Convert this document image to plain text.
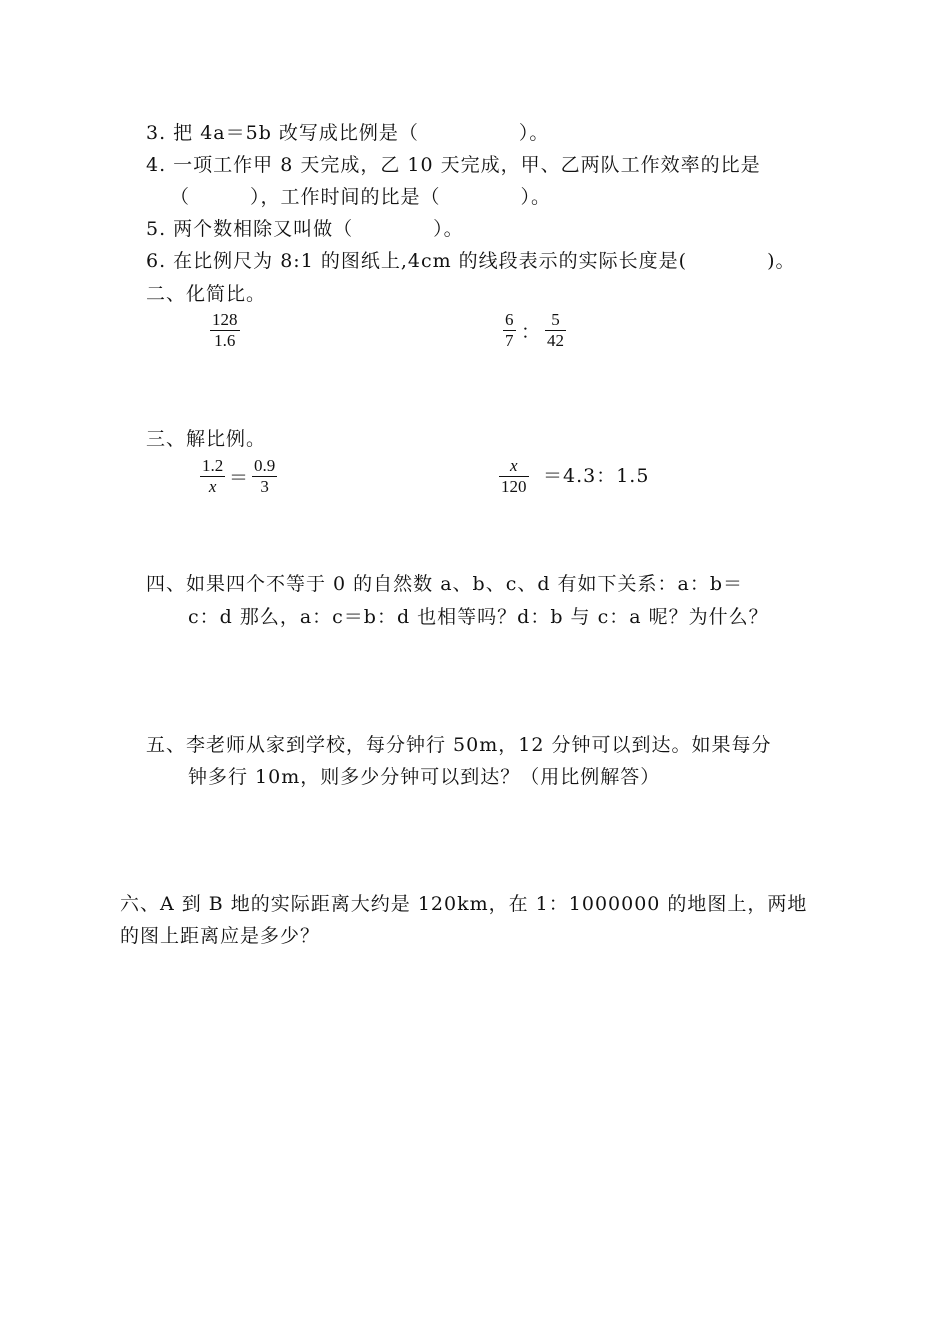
3. 把 4a＝5b 改写成比例是（　　　　　）。
4. 一项工作甲 8 天完成，乙 10 天完成，甲、乙两队工作效率的比是
（　　　），工作时间的比是（　　　　）。
5. 两个数相除又叫做（　　　　）。
6. 在比例尺为 8:1 的图纸上,4cm 的线段表示的实际长度是(　　　　)。
二、化简比。
$\frac{128}{1.6}$	$\frac{6}{7}$ ： $\frac{5}{42}$
三、解比例。
$\frac{1.2}{x} = \frac{0.9}{3}$	$\frac{x}{120} =4.3$：1.5
四、如果四个不等于 0 的自然数 a、b、c、d 有如下关系：a：b＝
c：d 那么，a：c＝b：d 也相等吗？d：b 与 c：a 呢？为什么？
五、李老师从家到学校，每分钟行 50m，12 分钟可以到达。如果每分
钟多行 10m，则多少分钟可以到达？（用比例解答）
六、A 到 B 地的实际距离大约是 120km，在 1：1000000 的地图上，两地
的图上距离应是多少？
